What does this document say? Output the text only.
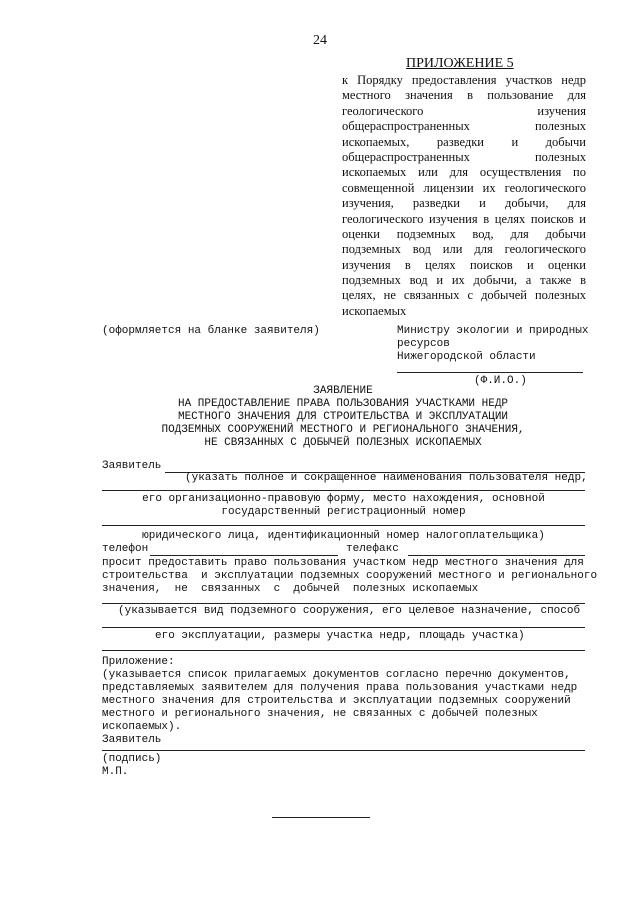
24
ПРИЛОЖЕНИЕ 5
к Порядку предоставления участков недр
местного значения в пользование для
геологического изучения
общераспространенных полезных
ископаемых, разведки и добычи
общераспространенных полезных
ископаемых или для осуществления по
совмещенной лицензии их геологического
изучения, разведки и добычи, для
геологического изучения в целях поисков и
оценки подземных вод, для добычи
подземных вод или для геологического
изучения в целях поисков и оценки
подземных вод и их добычи, а также в
целях, не связанных с добычей полезных
ископаемых
(оформляется на бланке заявителя)	Министру экологии и природных
ресурсов
Нижегородской области
(Ф.И.О.)
ЗАЯВЛЕНИЕ
НА ПРЕДОСТАВЛЕНИЕ ПРАВА ПОЛЬЗОВАНИЯ УЧАСТКАМИ НЕДР
МЕСТНОГО ЗНАЧЕНИЯ ДЛЯ СТРОИТЕЛЬСТВА И ЭКСПЛУАТАЦИИ
ПОДЗЕМНЫХ СООРУЖЕНИЙ МЕСТНОГО И РЕГИОНАЛЬНОГО ЗНАЧЕНИЯ,
НЕ СВЯЗАННЫХ С ДОБЫЧЕЙ ПОЛЕЗНЫХ ИСКОПАЕМЫХ
Заявитель
(указать полное и сокращенное наименования пользователя недр,
его организационно-правовую форму, место нахождения, основной
государственный регистрационный номер
юридического лица, идентификационный номер налогоплательщика)
телефон	телефакс
просит предоставить право пользования участком недр местного значения для
строительства  и эксплуатации подземных сооружений местного и регионального
значения,  не  связанных  с  добычей  полезных ископаемых
(указывается вид подземного сооружения, его целевое назначение, способ
его эксплуатации, размеры участка недр, площадь участка)
Приложение:
(указывается список прилагаемых документов согласно перечню документов,
представляемых заявителем для получения права пользования участками недр
местного значения для строительства и эксплуатации подземных сооружений
местного и регионального значения, не связанных с добычей полезных
ископаемых).
Заявитель
(подпись)
М.П.
